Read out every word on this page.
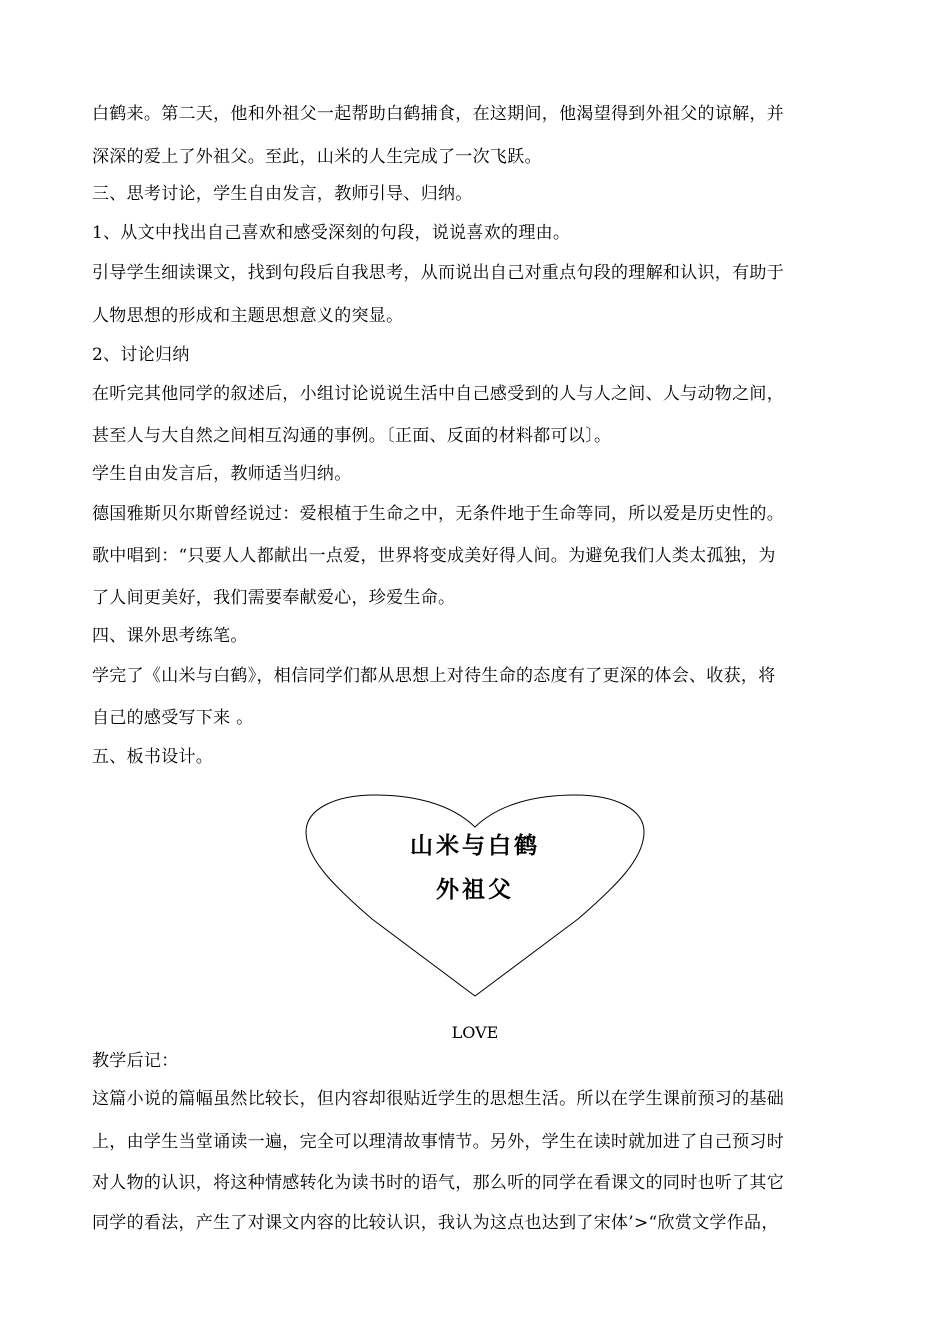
白鹤来。第二天，他和外祖父一起帮助白鹤捕食，在这期间，他渴望得到外祖父的谅解，并
深深的爱上了外祖父。至此，山米的人生完成了一次飞跃。
三、思考讨论，学生自由发言，教师引导、归纳。
1、从文中找出自己喜欢和感受深刻的句段，说说喜欢的理由。
引导学生细读课文，找到句段后自我思考，从而说出自己对重点句段的理解和认识，有助于
人物思想的形成和主题思想意义的突显。
2、讨论归纳
在听完其他同学的叙述后，小组讨论说说生活中自己感受到的人与人之间、人与动物之间，
甚至人与大自然之间相互沟通的事例。〔正面、反面的材料都可以〕。
学生自由发言后，教师适当归纳。
德国雅斯贝尔斯曾经说过：爱根植于生命之中，无条件地于生命等同，所以爱是历史性的。
歌中唱到：“只要人人都献出一点爱，世界将变成美好得人间。为避免我们人类太孤独，为
了人间更美好，我们需要奉献爱心，珍爱生命。
四、课外思考练笔。
学完了《山米与白鹤》，相信同学们都从思想上对待生命的态度有了更深的体会、收获，将
自己的感受写下来 。
五、板书设计。
山米与白鹤
外祖父
LOVE
教学后记：
这篇小说的篇幅虽然比较长，但内容却很贴近学生的思想生活。所以在学生课前预习的基础
上，由学生当堂诵读一遍，完全可以理清故事情节。另外，学生在读时就加进了自己预习时
对人物的认识，将这种情感转化为读书时的语气，那么听的同学在看课文的同时也听了其它
同学的看法，产生了对课文内容的比较认识，我认为这点也达到了宋体’>“欣赏文学作品，
